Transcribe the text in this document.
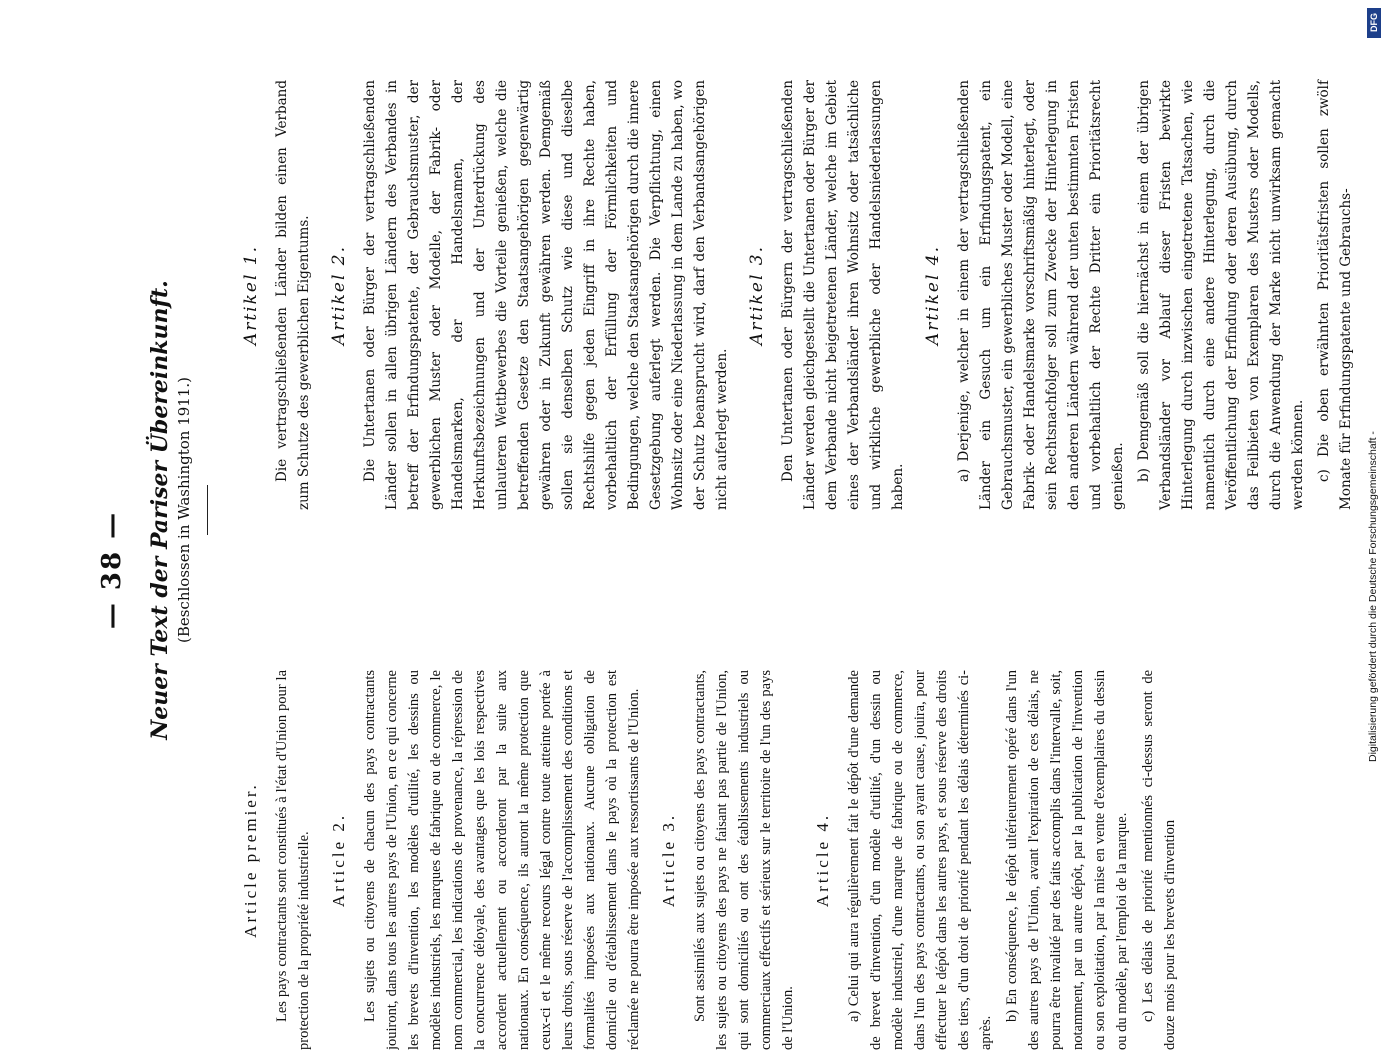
— 38 — Neuer Text der Pariser Übereinkunft. (Beschlossen in Washington 1911.)
Article premier. Les pays contractants sont constitués à l'état d'Union pour la protection de la propriété industrielle. Article 2. Les sujets ou citoyens de chacun des pays contractants jouiront, dans tous les autres pays de l'Union, en ce qui concerne les brevets d'invention, les modèles d'utilité, les dessins ou modèles industriels, les marques de fabrique ou de commerce, le nom commercial, les indications de provenance, la répression de la concurrence déloyale, des avantages que les lois respectives accordent actuellement ou accorderont par la suite aux nationaux. En conséquence, ils auront la même protection que ceux-ci et le même recours légal contre toute atteinte portée à leurs droits, sous réserve de l'accomplissement des conditions et formalités imposées aux nationaux. Aucune obligation de domicile ou d'établissement dans le pays où la protection est réclamée ne pourra être imposée aux ressortissants de l'Union. Article 3. Sont assimilés aux sujets ou citoyens des pays contractants, les sujets ou citoyens des pays ne faisant pas partie de l'Union, qui sont domiciliés ou ont des établissements industriels ou commerciaux effectifs et sérieux sur le territoire de l'un des pays de l'Union.

Article 4. a) Celui qui aura régulièrement fait le dépôt d'une demande de brevet d'invention, d'un modèle d'utilité, d'un dessin ou modèle industriel, d'une marque de fabrique ou de commerce, dans l'un des pays contractants, ou son ayant cause, jouira, pour effectuer le dépôt dans les autres pays, et sous réserve des droits des tiers, d'un droit de priorité pendant les délais déterminés ci-après.

b) En conséquence, le dépôt ultérieurement opéré dans l'un des autres pays de l'Union, avant l'expiration de ces délais, ne pourra être invalidé par des faits accomplis dans l'intervalle, soit, notamment, par un autre dépôt, par la publication de l'invention ou son exploitation, par la mise en vente d'exemplaires du dessin ou du modèle, par l'emploi de la marque. c) Les délais de priorité mentionnés ci-dessus seront de douze mois pour les brevets d'invention

Artikel 1. Die vertragschließenden Länder bilden einen Verband zum Schutze des gewerblichen Eigentums. Artikel 2. Die Untertanen oder Bürger der vertragschließenden Länder sollen in allen übrigen Ländern des Verbandes in betreff der Erfindungspatente, der Gebrauchsmuster, der gewerblichen Muster oder Modelle, der Fabrik- oder Handelsmarken, der Handelsnamen, der Herkunftsbezeichnungen und der Unterdrückung des unlauteren Wettbewerbes die Vorteile genießen, welche die betreffenden Gesetze den Staatsangehörigen gegenwärtig gewähren oder in Zukunft gewähren werden. Demgemäß sollen sie denselben Schutz wie diese und dieselbe Rechtshilfe gegen jeden Eingriff in ihre Rechte haben, vorbehaltlich der Erfüllung der Förmlichkeiten und Bedingungen, welche den Staatsangehörigen durch die innere Gesetzgebung auferlegt werden. Die Verpflichtung, einen Wohnsitz oder eine Niederlassung in dem Lande zu haben, wo der Schutz beansprucht wird, darf den Verbandsangehörigen nicht auferlegt werden.

Artikel 3. Den Untertanen oder Bürgern der vertragschließenden Länder werden gleichgestellt die Untertanen oder Bürger der dem Verbande nicht beigetretenen Länder, welche im Gebiet eines der Verbandsländer ihren Wohnsitz oder tatsächliche und wirkliche gewerbliche oder Handelsniederlassungen haben.

Artikel 4. a) Derjenige, welcher in einem der vertragschließenden Länder ein Gesuch um ein Erfindungspatent, ein Gebrauchsmuster, ein gewerbliches Muster oder Modell, eine Fabrik- oder Handelsmarke vorschriftsmäßig hinterlegt, oder sein Rechtsnachfolger soll zum Zwecke der Hinterlegung in den anderen Ländern während der unten bestimmten Fristen und vorbehaltlich der Rechte Dritter ein Prioritätsrecht genießen. b) Demgemäß soll die hiernächst in einem der übrigen Verbandsländer vor Ablauf dieser Fristen bewirkte Hinterlegung durch inzwischen eingetretene Tatsachen, wie namentlich durch eine andere Hinterlegung, durch die Veröffentlichung der Erfindung oder deren Ausübung, durch das Feilbieten von Exemplaren des Musters oder Modells, durch die Anwendung der Marke nicht unwirksam gemacht werden können. c) Die oben erwähnten Prioritätsfristen sollen zwölf Monate für Erfindungspatente und Gebrauchs-

DFG
Digitalisierung gefördert durch die Deutsche Forschungsgemeinschaft -
